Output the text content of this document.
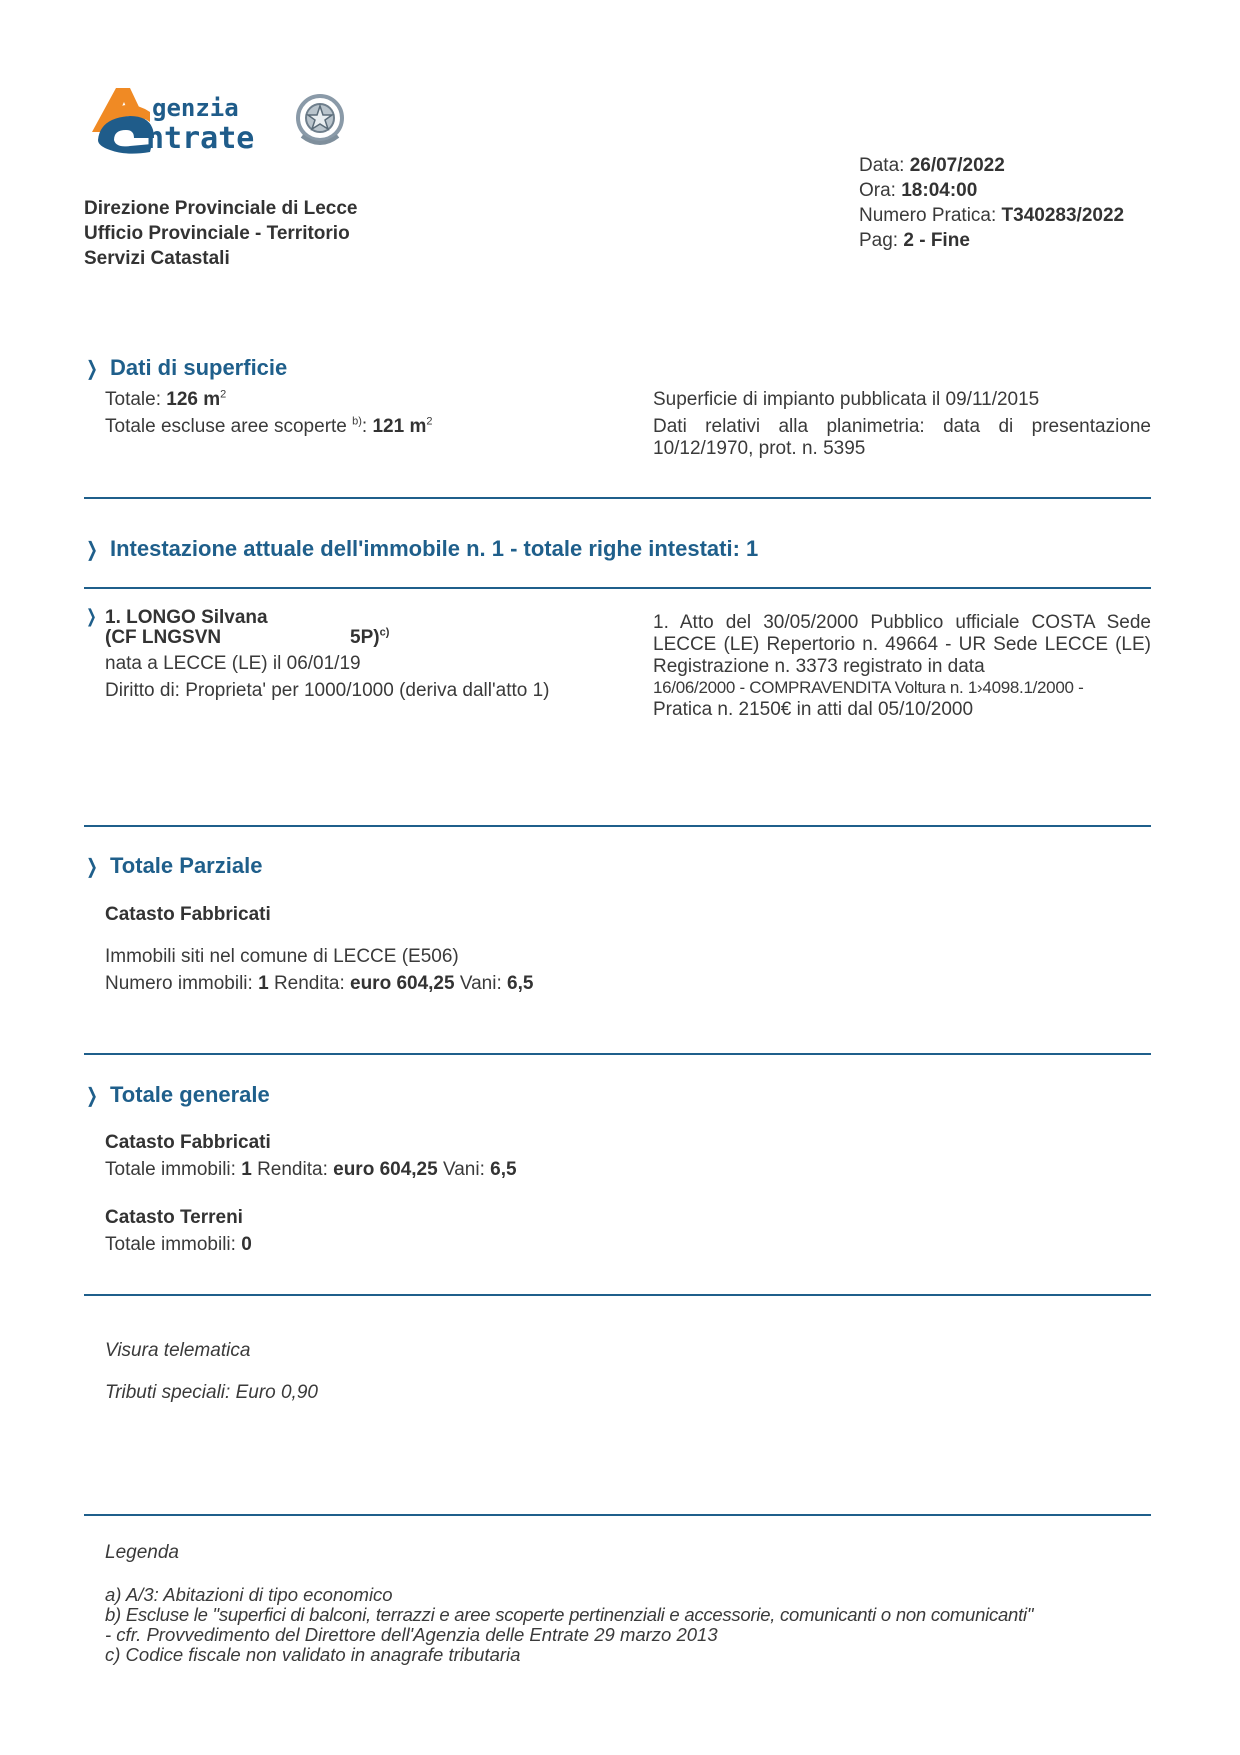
genzia
ntrate
Direzione Provinciale di Lecce
Ufficio Provinciale - Territorio
Servizi Catastali
Data: 26/07/2022
Ora: 18:04:00
Numero Pratica: T340283/2022
Pag: 2 - Fine
❯ Dati di superficie
Totale: 126 $m^2$
Totale escluse aree scoperte $^{b)}$: 121 $m^2$
Superficie di impianto pubblicata il 09/11/2015
Dati relativi alla planimetria: data di presentazione 10/12/1970, prot. n. 5395
❯ Intestazione attuale dell'immobile n. 1 - totale righe intestati: 1
❯ 1. LONGO Silvana
(CF LNGSVN	5P)$^{c)}$
nata a LECCE (LE) il 06/01/19
Diritto di: Proprieta' per 1000/1000 (deriva dall'atto 1)
1. Atto del 30/05/2000 Pubblico ufficiale COSTA Sede LECCE (LE) Repertorio n. 49664 - UR Sede LECCE (LE) Registrazione n. 3373 registrato in data
16/06/2000 - COMPRAVENDITA Voltura n. 1›4098.1/2000 -
Pratica n. 2150€ in atti dal 05/10/2000
❯ Totale Parziale
Catasto Fabbricati
Immobili siti nel comune di LECCE (E506)
Numero immobili: 1 Rendita: euro 604,25 Vani: 6,5
❯ Totale generale
Catasto Fabbricati
Totale immobili: 1 Rendita: euro 604,25 Vani: 6,5
Catasto Terreni
Totale immobili: 0
Visura telematica
Tributi speciali: Euro 0,90
Legenda
a) A/3: Abitazioni di tipo economico
b) Escluse le "superfici di balconi, terrazzi e aree scoperte pertinenziali e accessorie, comunicanti o non comunicanti"
- cfr. Provvedimento del Direttore dell'Agenzia delle Entrate 29 marzo 2013
c) Codice fiscale non validato in anagrafe tributaria
